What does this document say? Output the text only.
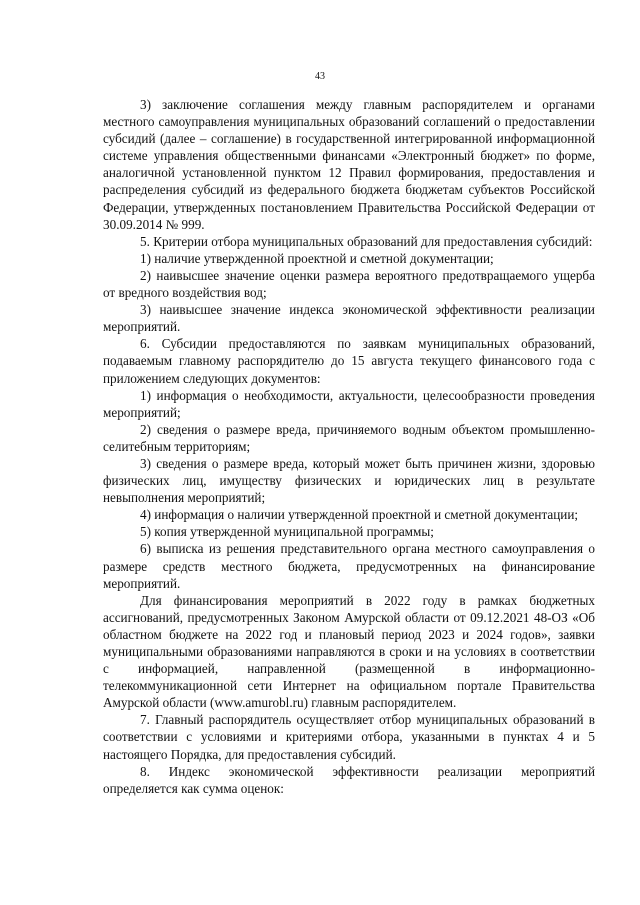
43

3) заключение соглашения между главным распорядителем и органами местного самоуправления муниципальных образований соглашений о предоставлении субсидий (далее – соглашение) в государственной интегрированной информационной системе управления общественными финансами «Электронный бюджет» по форме, аналогичной установленной пунктом 12 Правил формирования, предоставления и распределения субсидий из федерального бюджета бюджетам субъектов Российской Федерации, утвержденных постановлением Правительства Российской Федерации от 30.09.2014 № 999.

5. Критерии отбора муниципальных образований для предоставления субсидий:

1) наличие утвержденной проектной и сметной документации;

2) наивысшее значение оценки размера вероятного предотвращаемого ущерба от вредного воздействия вод;

3) наивысшее значение индекса экономической эффективности реализации мероприятий.

6. Субсидии предоставляются по заявкам муниципальных образований, подаваемым главному распорядителю до 15 августа текущего финансового года с приложением следующих документов:

1) информация о необходимости, актуальности, целесообразности проведения мероприятий;

2) сведения о размере вреда, причиняемого водным объектом промышленно-селитебным территориям;

3) сведения о размере вреда, который может быть причинен жизни, здоровью физических лиц, имуществу физических и юридических лиц в результате невыполнения мероприятий;

4) информация о наличии утвержденной проектной и сметной документации;

5) копия утвержденной муниципальной программы;

6) выписка из решения представительного органа местного самоуправления о размере средств местного бюджета, предусмотренных на финансирование мероприятий.

Для финансирования мероприятий в 2022 году в рамках бюджетных ассигнований, предусмотренных Законом Амурской области от 09.12.2021 48-ОЗ «Об областном бюджете на 2022 год и плановый период 2023 и 2024 годов», заявки муниципальными образованиями направляются в сроки и на условиях в соответствии с информацией, направленной (размещенной в информационно-телекоммуникационной сети Интернет на официальном портале Правительства Амурской области (www.amurobl.ru) главным распорядителем.

7. Главный распорядитель осуществляет отбор муниципальных образований в соответствии с условиями и критериями отбора, указанными в пунктах 4 и 5 настоящего Порядка, для предоставления субсидий.

8. Индекс экономической эффективности реализации мероприятий определяется как сумма оценок:
